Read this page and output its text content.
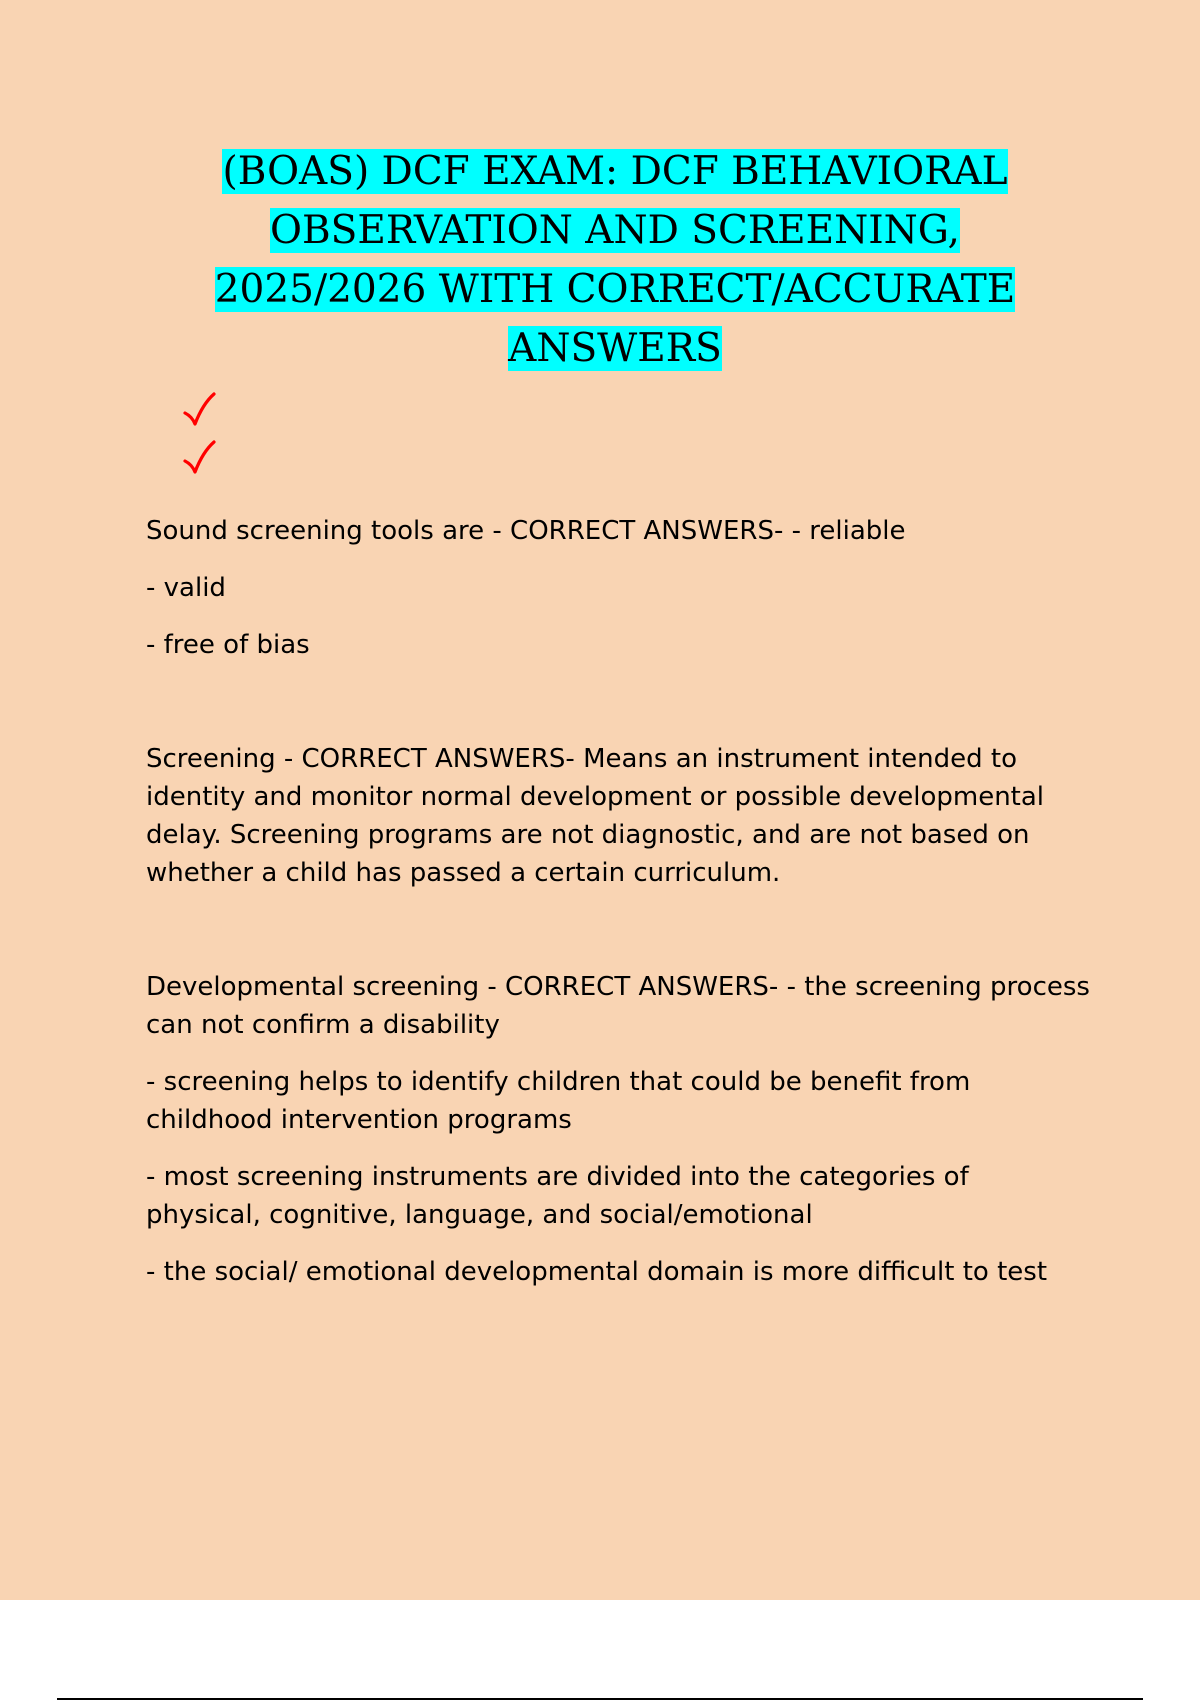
(BOAS) DCF EXAM: DCF BEHAVIORAL
OBSERVATION AND SCREENING,
2025/2026 WITH CORRECT/ACCURATE
ANSWERS

Sound screening tools are - CORRECT ANSWERS- - reliable

- valid

- free of bias

Screening - CORRECT ANSWERS- Means an instrument intended to identity and monitor normal development or possible developmental delay. Screening programs are not diagnostic, and are not based on whether a child has passed a certain curriculum.

Developmental screening - CORRECT ANSWERS- - the screening process can not confirm a disability

- screening helps to identify children that could be benefit from childhood intervention programs

- most screening instruments are divided into the categories of physical, cognitive, language, and social/emotional

- the social/ emotional developmental domain is more difficult to test
